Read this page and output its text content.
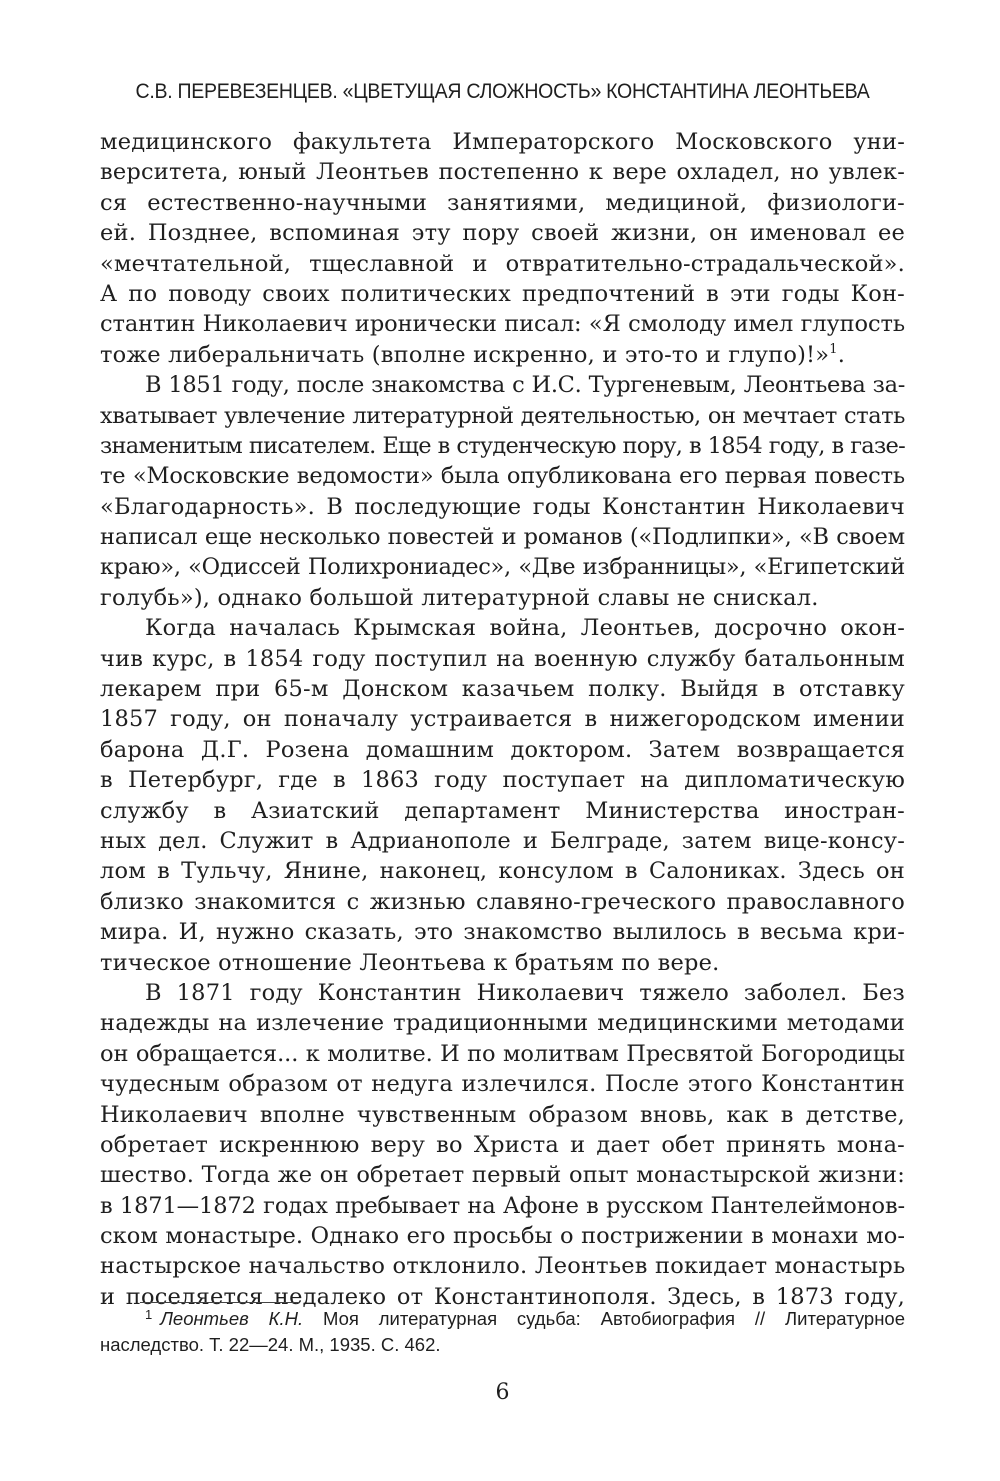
С.В. ПЕРЕВЕЗЕНЦЕВ. «ЦВЕТУЩАЯ СЛОЖНОСТЬ» КОНСТАНТИНА ЛЕОНТЬЕВА
медицинского факультета Императорского Московского уни-
верситета, юный Леонтьев постепенно к вере охладел, но увлек-
ся естественно-научными занятиями, медициной, физиологи-
ей. Позднее, вспоминая эту пору своей жизни, он именовал ее
«мечтательной, тщеславной и отвратительно-страдальческой».
А по поводу своих политических предпочтений в эти годы Кон-
стантин Николаевич иронически писал: «Я смолоду имел глупость
тоже либеральничать (вполне искренно, и это-то и глупо)!»$^1$.
В 1851 году, после знакомства с И.С. Тургеневым, Леонтьева за-
хватывает увлечение литературной деятельностью, он мечтает стать
знаменитым писателем. Еще в студенческую пору, в 1854 году, в газе-
те «Московские ведомости» была опубликована его первая повесть
«Благодарность». В последующие годы Константин Николаевич
написал еще несколько повестей и романов («Подлипки», «В своем
краю», «Одиссей Полихрониадес», «Две избранницы», «Египетский
голубь»), однако большой литературной славы не снискал.
Когда началась Крымская война, Леонтьев, досрочно окон-
чив курс, в 1854 году поступил на военную службу батальонным
лекарем при 65-м Донском казачьем полку. Выйдя в отставку
1857 году, он поначалу устраивается в нижегородском имении
барона Д.Г. Розена домашним доктором. Затем возвращается
в Петербург, где в 1863 году поступает на дипломатическую
службу в Азиатский департамент Министерства иностран-
ных дел. Служит в Адрианополе и Белграде, затем вице-консу-
лом в Тульчу, Янине, наконец, консулом в Салониках. Здесь он
близко знакомится с жизнью славяно-греческого православного
мира. И, нужно сказать, это знакомство вылилось в весьма кри-
тическое отношение Леонтьева к братьям по вере.
В 1871 году Константин Николаевич тяжело заболел. Без
надежды на излечение традиционными медицинскими методами
он обращается... к молитве. И по молитвам Пресвятой Богородицы
чудесным образом от недуга излечился. После этого Константин
Николаевич вполне чувственным образом вновь, как в детстве,
обретает искреннюю веру во Христа и дает обет принять мона-
шество. Тогда же он обретает первый опыт монастырской жизни:
в 1871—1872 годах пребывает на Афоне в русском Пантелеймонов-
ском монастыре. Однако его просьбы о пострижении в монахи мо-
настырское начальство отклонило. Леонтьев покидает монастырь
и поселяется недалеко от Константинополя. Здесь, в 1873 году,
$^1$ Леонтьев К.Н. Моя литературная судьба: Автобиография // Литературное
наследство. Т. 22—24. М., 1935. С. 462.
6
